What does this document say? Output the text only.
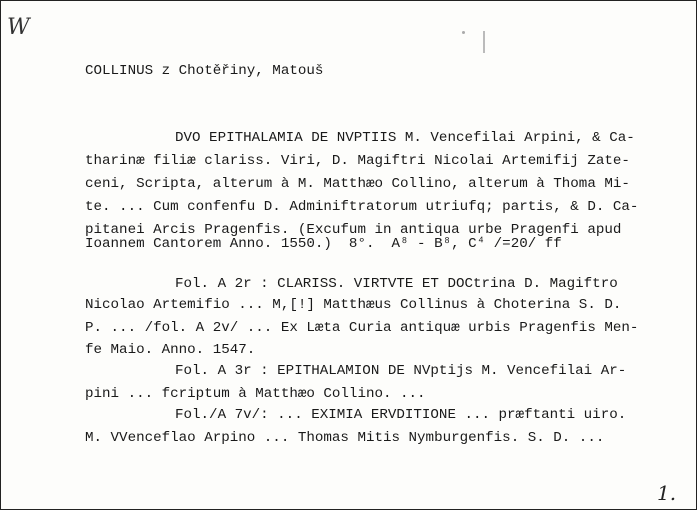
W
COLLINUS z Chotěřiny, Matouš
DVO EPITHALAMIA DE NVPTIIS M. Vencefilai Arpini, & Ca-
tharinæ filiæ clariss. Viri, D. Magiftri Nicolai Artemifij Zate-
ceni, Scripta, alterum à M. Matthæo Collino, alterum à Thoma Mi-
te. ... Cum confenfu D. Adminiftratorum utriufq; partis, & D. Ca-
pitanei Arcis Pragenfis. (Excufum in antiqua urbe Pragenfi apud
Ioannem Cantorem Anno. 1550.)  8°.  A⁸ - B⁸, C⁴ /=20/ ff
Fol. A 2r : CLARISS. VIRTVTE ET DOCtrina D. Magiftro
Nicolao Artemifio ... M,[!] Matthæus Collinus à Choterina S. D.
P. ... /fol. A 2v/ ... Ex Læta Curia antiquæ urbis Pragenfis Men-
fe Maio. Anno. 1547.
Fol. A 3r : EPITHALAMION DE NVptijs M. Vencefilai Ar-
pini ... fcriptum à Matthæo Collino. ...
Fol./A 7v/: ... EXIMIA ERVDITIONE ... præftanti uiro.
M. VVenceflao Arpino ... Thomas Mitis Nymburgenfis. S. D. ...
1.
